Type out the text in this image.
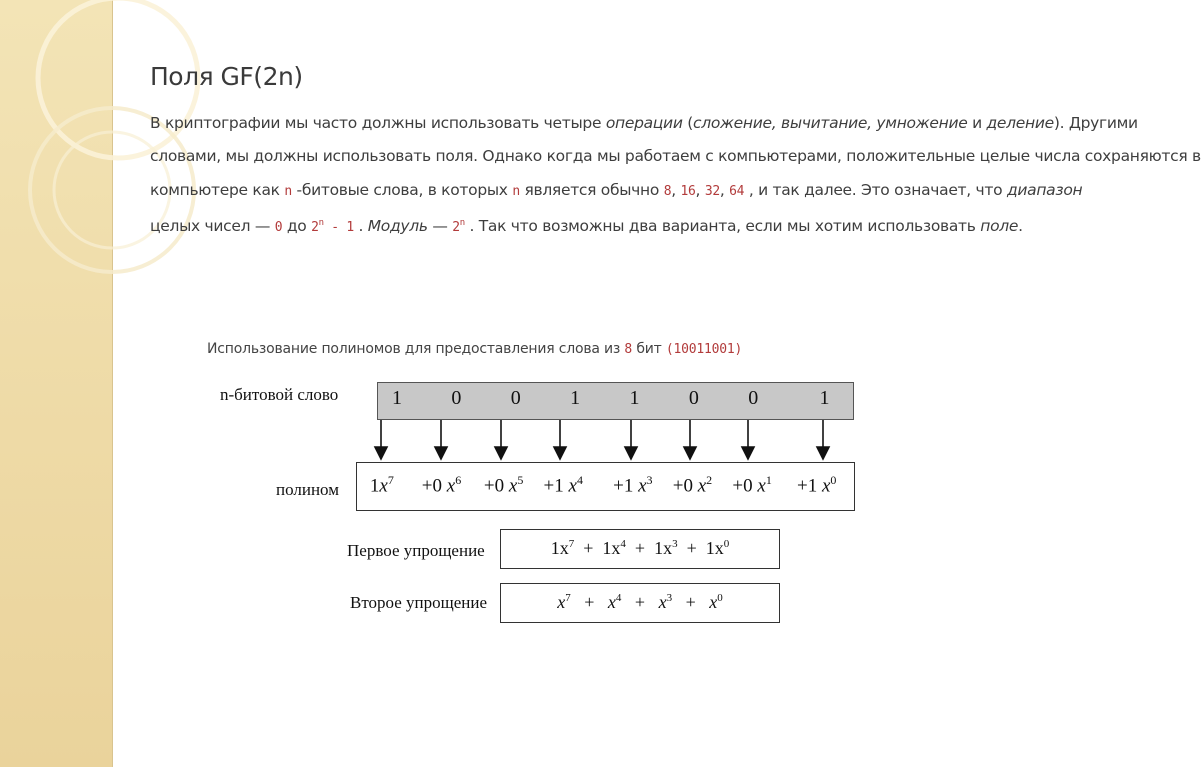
Поля GF(2n)
В криптографии мы часто должны использовать четыре операции (сложение, вычитание, умножение и деление). Другими
словами, мы должны использовать поля. Однако когда мы работаем с компьютерами, положительные целые числа сохраняются в
компьютере как n -битовые слова, в которых n является обычно 8, 16, 32, 64 , и так далее. Это означает, что диапазон
целых чисел — 0 до 2$^n$ - 1 . Модуль — 2$^n$ . Так что возможны два варианта, если мы хотим использовать поле.
Использование полиномов для предоставления слова из 8 бит (10011001)
n-битовой слово
полином
Первое упрощение
Второе упрощение
1 0 0 1 1 0 0	1
$1x^7 +0$ $x^6 +0$ $x^5 +1$ $x^4 +1$ $x^3 +0$ $x^2 +0$ $x^1 +1$ $x^0$
$1x^7 + 1x^4 + 1x^3 + 1x^0$
$x^7 + x^4 + x^3 + x^0$
